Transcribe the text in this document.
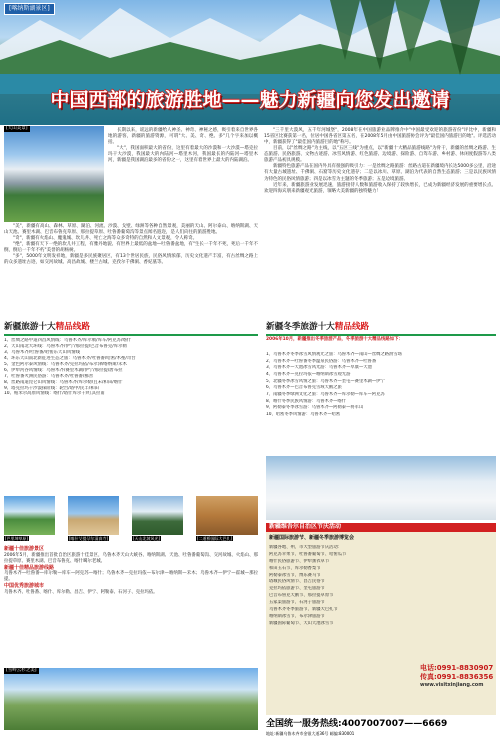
[喀纳斯湖景区]
中国西部的旅游胜地——魅力新疆向您发出邀请
[天山美景]	长期以来，谣远的新疆给人神圣、神奇、神秘之感，吸引着来自世界各地的游客，新疆的旅游资源，可谓"大、美、奇、绝、多"几个字来加以概括。

"大"，我国面积最大的省份，这里有着最大的沙漠和一大沙漠—塔克拉玛干大沙漠，我国最大的內陆河—塔里木河，我国最长的内陆河—塔里木河，新疆是我国湖泊最多的省份之一，这里有着世界上最大的内陆湖泊。

"美"，新疆有高山、森林、草原、湖泊、河流、沙漠、戈壁、绿洲等各种自然景观，美丽的天山、阿尔泰山、喀纳斯湖、天山天池、赛里木湖、巴音布鲁克草原、那拉提草原、吐鲁番葡萄沟等景点闻名遐迩，是人们向往的旅游胜地。

"奇"，新疆有火焰山、魔鬼城、坎儿井、死亡之海等众多奇特的自然和人文景观，令人称奇。

"绝"，新疆有天下一绝的坎儿井工程，有雅丹地貌、有世界上最低的盆地—吐鲁番盆地，有"生长一千年不死，死后一千年不倒，倒后一千年不朽"美誉的胡杨树。

"多"，5000年文明发祥地，新疆是多民族聚居区，有13个世居民族，民俗风情浓郁，历史文化遗产丰富，有古丝绸之路上的众多遗址古迹，如交河故城、高昌故城、楼兰古城、克孜尔千佛洞、香妃墓等。

"三千里大漠风，五千年河城堡"，2008年在中国旅游业品牌推介中"中国最受欢迎的旅游省份"评比中，新疆和15省区比赛获第一名，位居中国各省区第五名，在2008年5月由中国旅游协会评为"最佳国内旅游目的地"。评选活动中，新疆获得了"最佳国内旅游目的地"称号。

目前，以"丝绸之路"为主线，以"五区三线"为重点，以"新疆十大精品旅游线路"为骨干，新疆的丝绸之路游、生态旅游、民俗旅游、文物古迹游、冰雪风情游、红色旅游、边境游、探险游、自驾车游、乡村游、休闲度假游等八类旅游产品初具规模。

新疆特色旅游产品在国内外具有很强的吸引力：一是丝绸之路旅游：丝路古道在新疆境内长达5000多公里，沿途有大量古城遗址、千佛洞、石窟等历史文化遗存；二是以冰川、草原、湖泊为代表的自然生态旅游；三是以民族风情为特色的民俗风情旅游；四是以冰雪为主题的冬季旅游；五是边境旅游。

近年来，新疆旅游业发展迅速，旅游接待人数和旅游收入保持了较快增长，已成为新疆经济发展的重要增长点。欢迎四海宾朋来新疆观光旅游，领略大美新疆的独特魅力！

新疆旅游十大精品线路
1、丝绸之路中道四昌风情线：乌鲁木齐/库尔勒/库车/阿克苏/喀什
2、天山南北大环线：乌鲁木齐/伊宁/那拉提/巴音布鲁克/库尔勒
3、乌鲁木齐/吐鲁番/哈密东天山风情线
4、环东天山南北新征进生态之旅：乌鲁木齐/吐鲁番/哈密/木垒/奇台
5、金色阿尔泰风情线：乌鲁木齐/克拉玛依/布尔津/喀纳斯/禾木
6、伊犁河谷风情线：乌鲁木齐/赛里木湖/伊宁/那拉提/唐布拉
7、吐鲁番火洲民俗游：乌鲁木齐/吐鲁番/鄯善
8、丝路南道昆仑山风情线：乌鲁木齐/库尔勒/且末/和田/喀什
9、塔克拉玛干沙漠探险线：轮台/塔中/民丰/和田
10、帕米尔高原风情线：喀什/塔什库尔干/红其拉甫
[巴里坤草原]	[喀什艾提尕尔清真寺]	[天山北坡风光]	[二道桥国际大巴扎]
新疆十佳旅游景区
2006年5月，新疆推出首批自治区旅游十佳景区，乌鲁木齐天山大峡谷、喀纳斯湖、天池、吐鲁番葡萄沟、交河故城、火焰山、那拉提草原、赛里木湖、巴音布鲁克、喀什噶尔老城。
新疆十佳精品旅游线路
乌鲁木齐—吐鲁番—库尔勒—库车—阿克苏—喀什；乌鲁木齐—克拉玛依—布尔津—喀纳斯—禾木；乌鲁木齐—伊宁—霍城—那拉提。
中国优秀旅游城市
乌鲁木齐、吐鲁番、喀什、库尔勒、昌吉、伊宁、阿勒泰、石河子、克拉玛依。
[雪岭云杉之美]
新疆冬季旅游十大精品线路
2006年10月，新疆推出冬季旅游产品，冬季旅游十大精品线路如下：
1、乌鲁木齐冬季冰雪风情观光之旅：乌鲁木齐—南山—丝绸之路滑雪场
2、乌鲁木齐—吐鲁番冬季温泉民俗游：乌鲁木齐—吐鲁番
3、乌鲁木齐—天池冰雪风光游：乌鲁木齐—阜康—天池
4、乌鲁木齐—克拉玛依—喀纳斯冰雪观光游
5、北疆冬季冰雪风情之旅：乌鲁木齐—奎屯—赛里木湖—伊宁
6、乌鲁木齐—巴音布鲁克雪域天鹅之旅
7、南疆冬季绿洲文化之旅：乌鲁木齐—库尔勒—库车—阿克苏
8、喀什冬季民族风情游：乌鲁木齐—喀什
9、阿勒泰冬季冰雪游：乌鲁木齐—阿勒泰—将军山
10、哈密冬季风情游：乌鲁木齐—哈密
新疆维吾尔自治区节庆活动
新疆国际旅游节、新疆冬季旅游博览会
新疆各地、州、市大型旅游节庆活动：
阿克苏苹果节、吐鲁番葡萄节、哈密瓜节
喀什民俗旅游节、伊犁薰衣草节
和田玉石节、库尔勒香梨节
阿勒泰冰雪节、博乐赛马节
塔城民俗风情节、昌吉民俗节
克拉玛依旅游节、奎屯旅游节
巴音布鲁克天鹅节、那拉提草原节
五家渠旅游节、石河子旅游节
乌鲁木齐冬季旅游节、新疆大巴扎节
喀纳斯冰雪节、布尔津旅游节
新疆国际葡萄节、天山天池冰雪节
电话:0991-8830907
传真:0991-8836356
www.visitxinjiang.com
全国统一服务热线:4007007007——6669
地址:新疆乌鲁木齐市金银大道36号 邮编:830001
